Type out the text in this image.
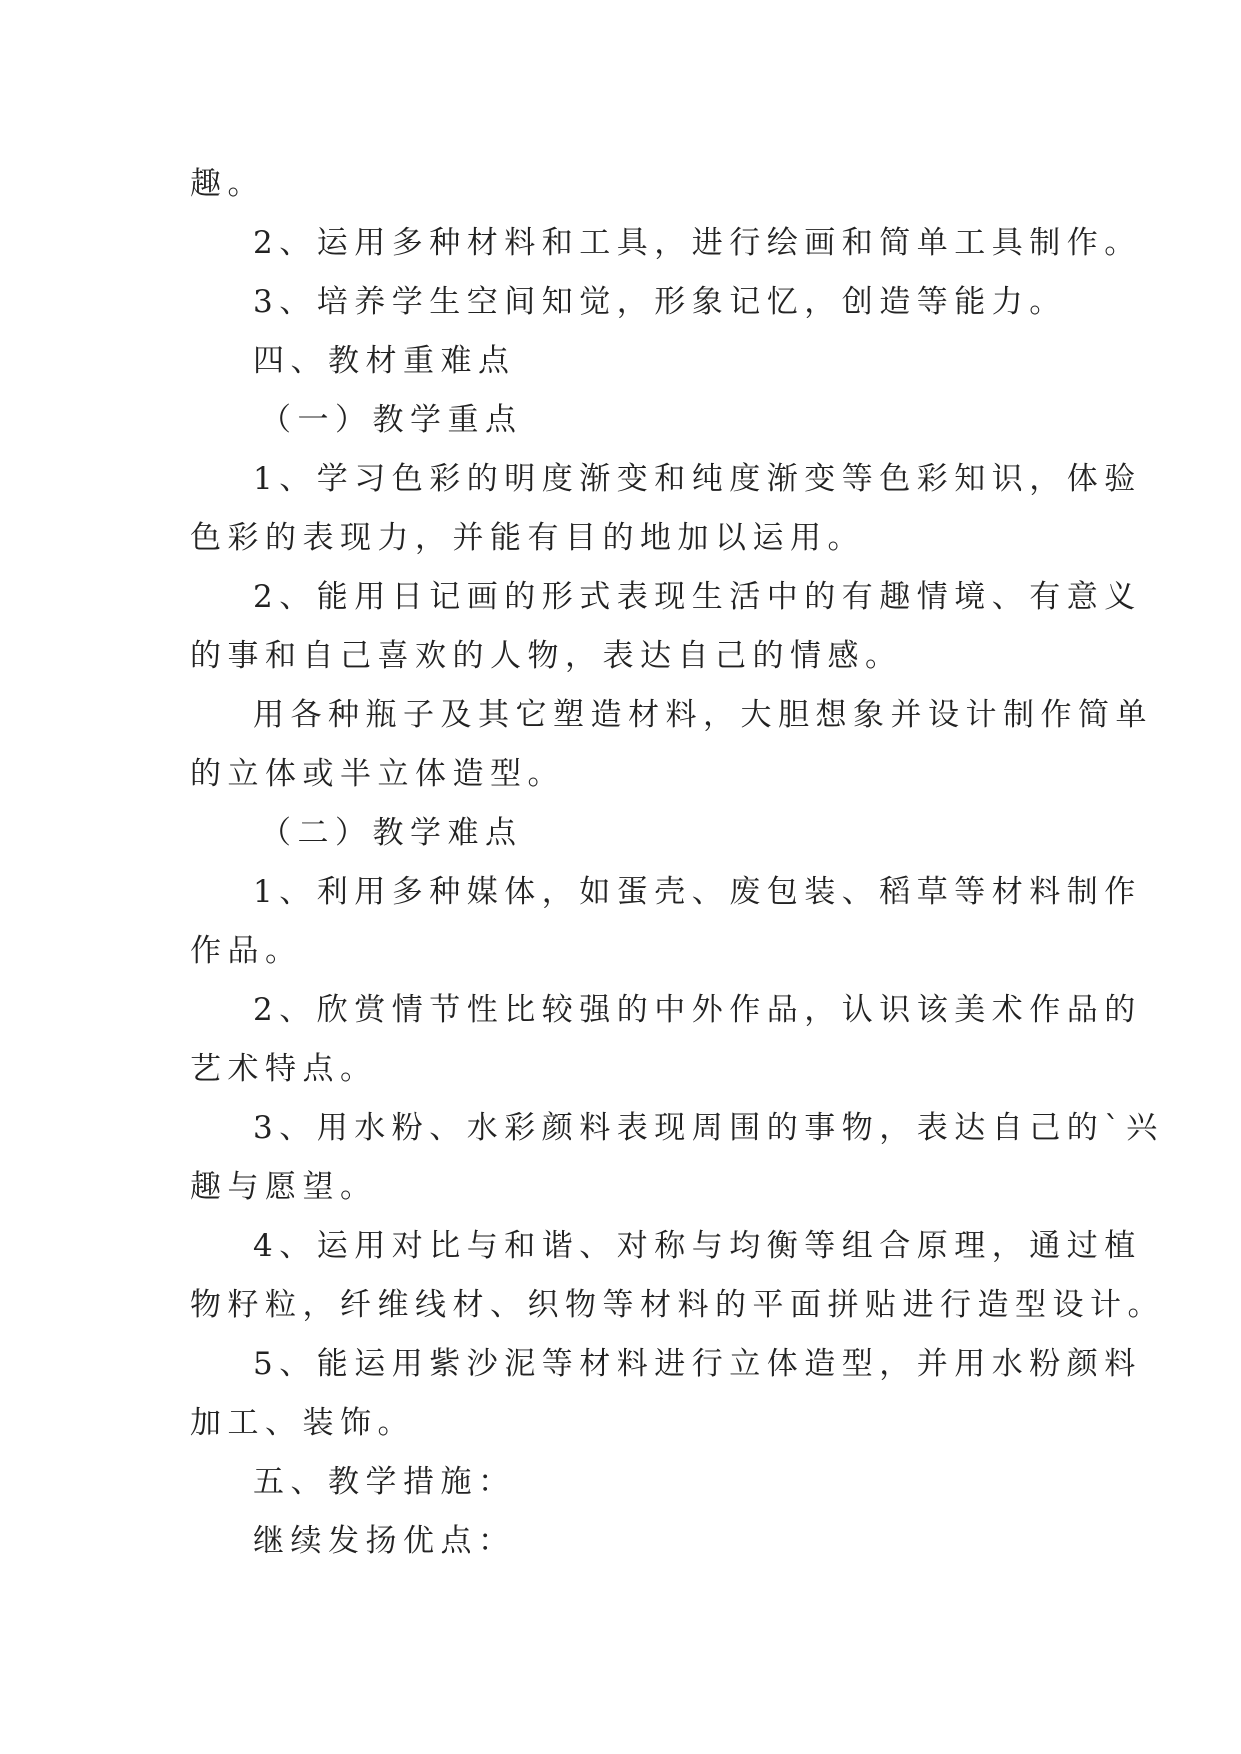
趣。
2、运用多种材料和工具，进行绘画和简单工具制作。
3、培养学生空间知觉，形象记忆，创造等能力。
四、教材重难点
（一）教学重点
1、学习色彩的明度渐变和纯度渐变等色彩知识，体验
色彩的表现力，并能有目的地加以运用。
2、能用日记画的形式表现生活中的有趣情境、有意义
的事和自己喜欢的人物，表达自己的情感。
用各种瓶子及其它塑造材料，大胆想象并设计制作简单
的立体或半立体造型。
（二）教学难点
1、利用多种媒体，如蛋壳、废包装、稻草等材料制作
作品。
2、欣赏情节性比较强的中外作品，认识该美术作品的
艺术特点。
3、用水粉、水彩颜料表现周围的事物，表达自己的`兴
趣与愿望。
4、运用对比与和谐、对称与均衡等组合原理，通过植
物籽粒，纤维线材、织物等材料的平面拼贴进行造型设计。
5、能运用紫沙泥等材料进行立体造型，并用水粉颜料
加工、装饰。
五、教学措施：
继续发扬优点：
